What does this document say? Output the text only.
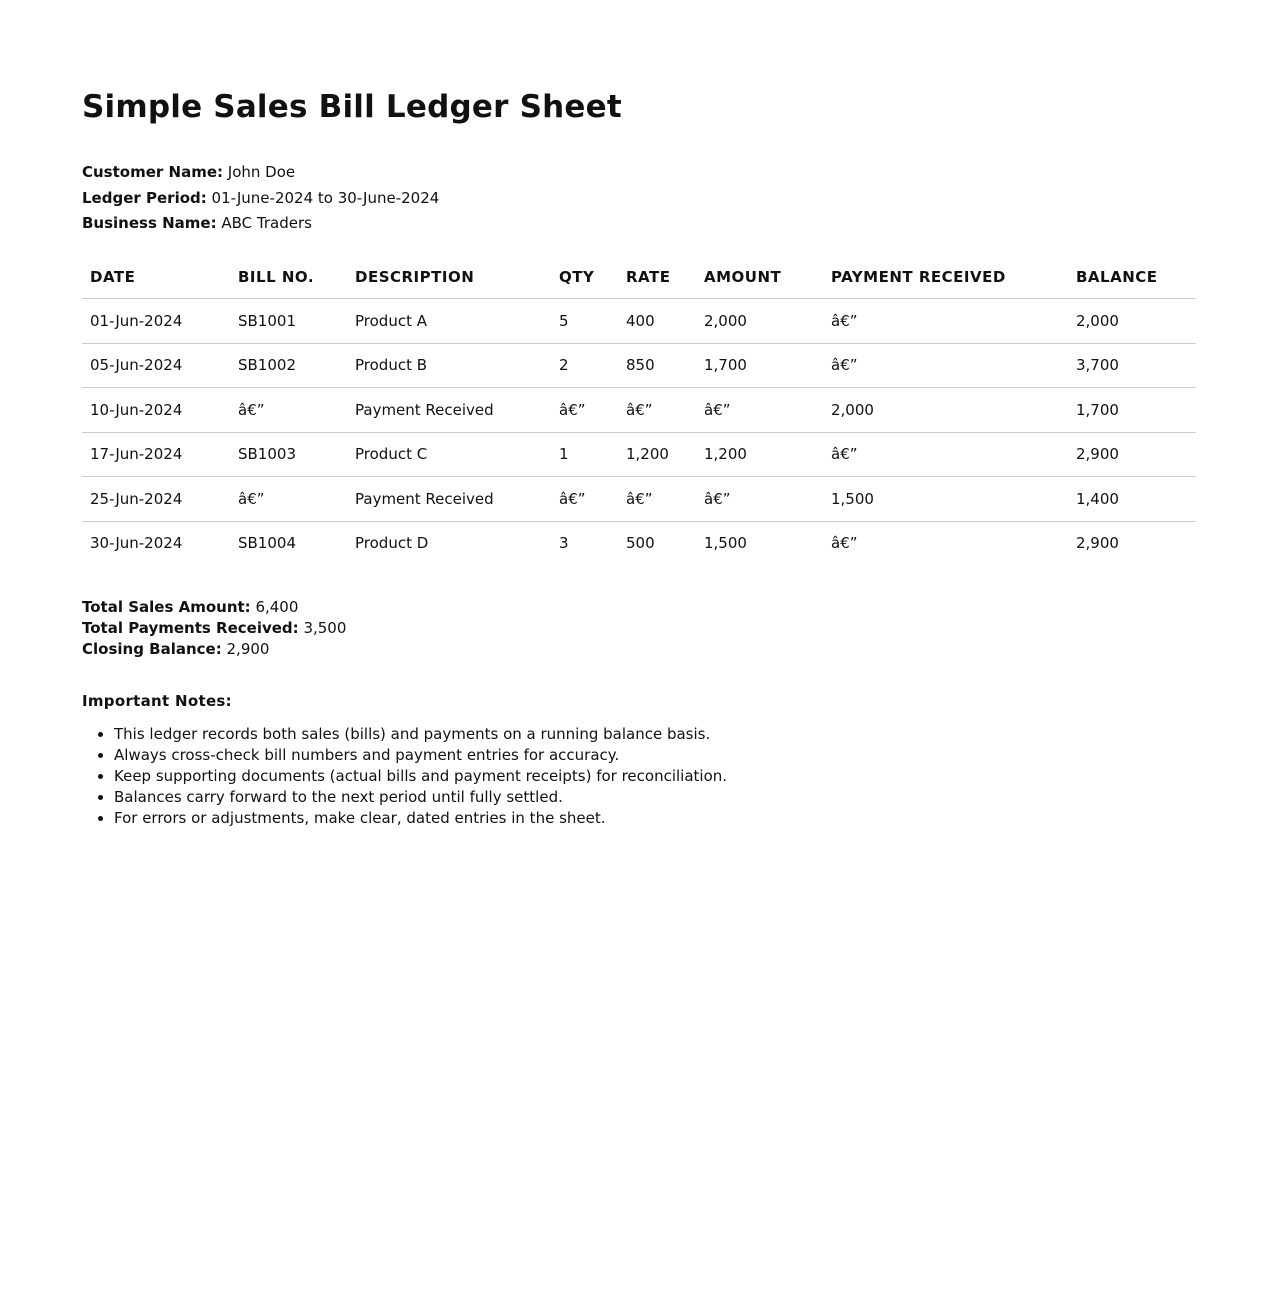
Simple Sales Bill Ledger Sheet
Customer Name: John Doe
Ledger Period: 01-June-2024 to 30-June-2024
Business Name: ABC Traders
DATE	BILL NO.	DESCRIPTION	QTY	RATE	AMOUNT	PAYMENT RECEIVED	BALANCE
01-Jun-2024	SB1001	Product A	5	400	2,000	â€”	2,000
05-Jun-2024	SB1002	Product B	2	850	1,700	â€”	3,700
10-Jun-2024	â€”	Payment Received	â€”	â€”	â€”	2,000	1,700
17-Jun-2024	SB1003	Product C	1	1,200	1,200	â€”	2,900
25-Jun-2024	â€”	Payment Received	â€”	â€”	â€”	1,500	1,400
30-Jun-2024	SB1004	Product D	3	500	1,500	â€”	2,900
Total Sales Amount: 6,400
Total Payments Received: 3,500
Closing Balance: 2,900
Important Notes:
• This ledger records both sales (bills) and payments on a running balance basis.
• Always cross-check bill numbers and payment entries for accuracy.
• Keep supporting documents (actual bills and payment receipts) for reconciliation.
• Balances carry forward to the next period until fully settled.
• For errors or adjustments, make clear, dated entries in the sheet.
